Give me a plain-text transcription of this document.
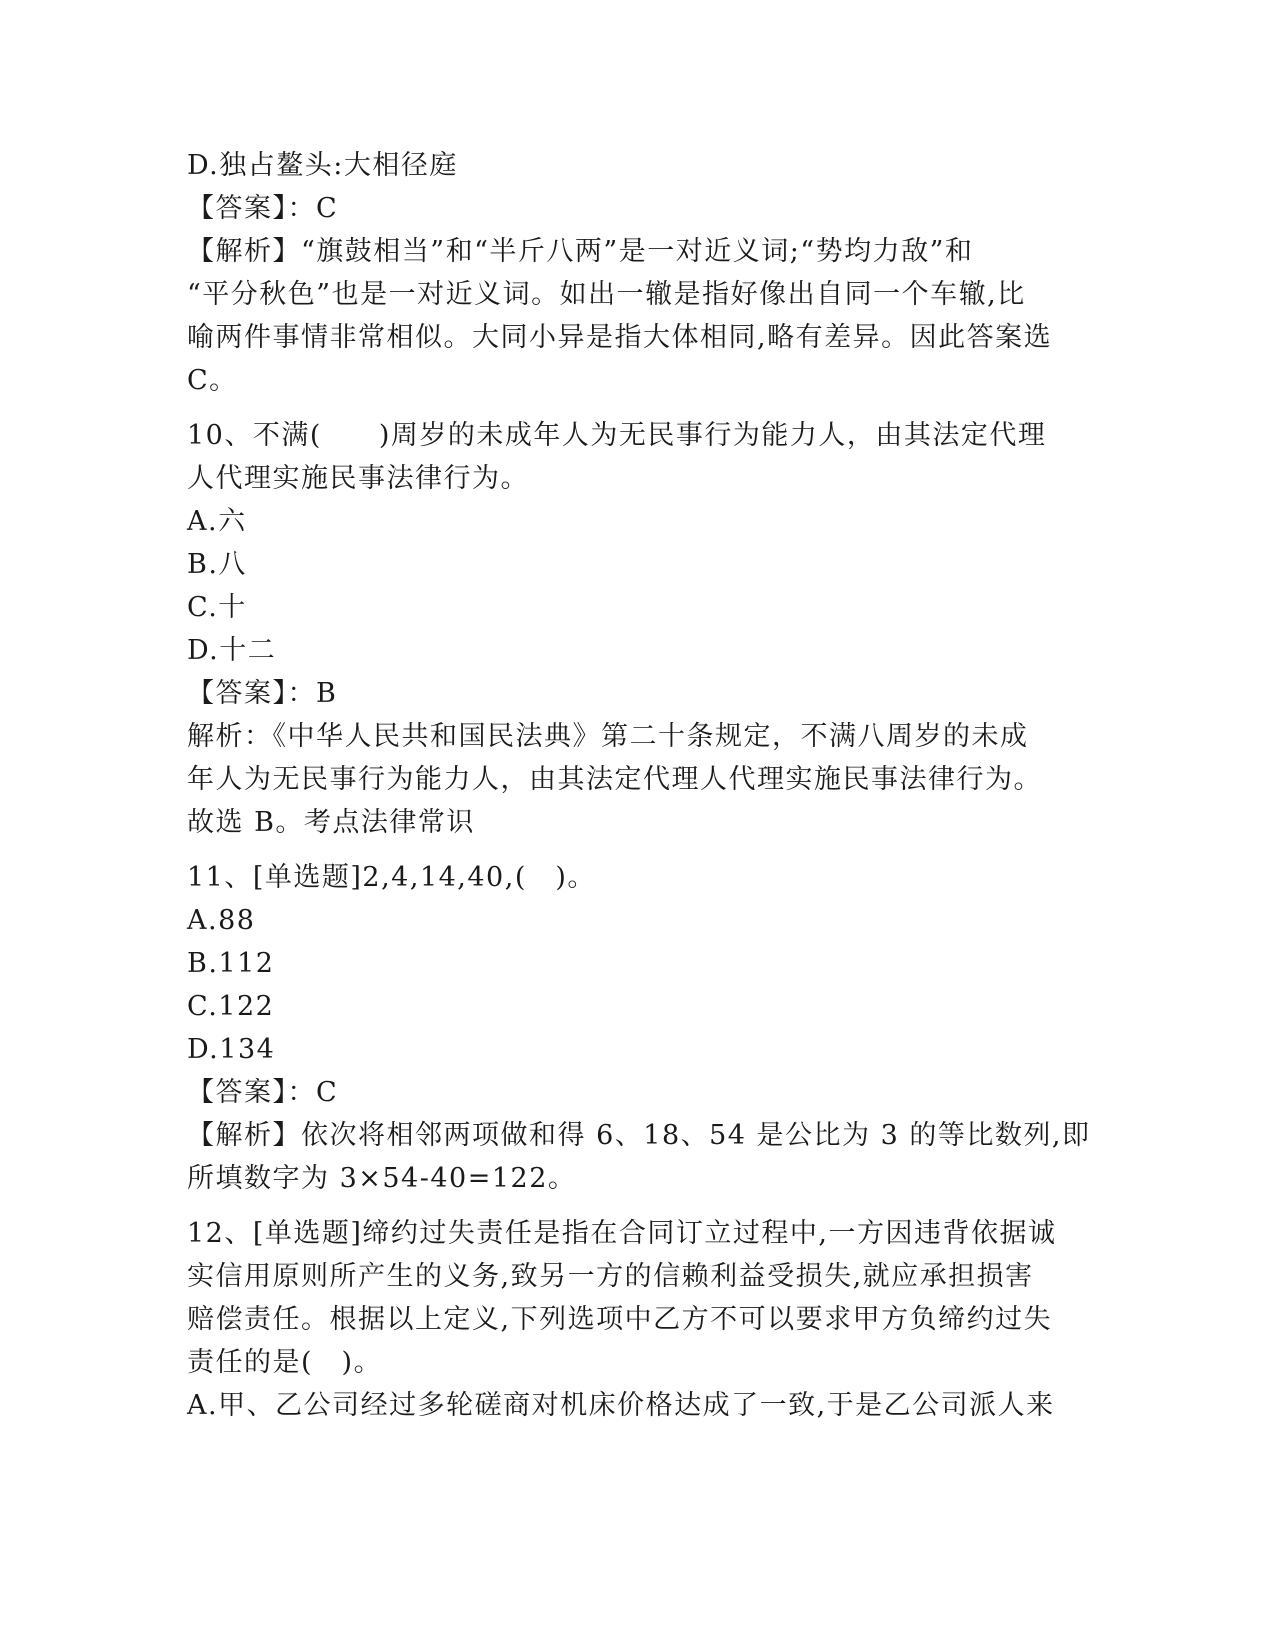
D.独占鳌头:大相径庭
【答案】：C
【解析】“旗鼓相当”和“半斤八两”是一对近义词;“势均力敌”和
“平分秋色”也是一对近义词。如出一辙是指好像出自同一个车辙,比
喻两件事情非常相似。大同小异是指大体相同,略有差异。因此答案选
C。
10、不满(　　)周岁的未成年人为无民事行为能力人，由其法定代理
人代理实施民事法律行为。
A.六
B.八
C.十
D.十二
【答案】：B
解析：《中华人民共和国民法典》第二十条规定，不满八周岁的未成
年人为无民事行为能力人，由其法定代理人代理实施民事法律行为。
故选 B。考点法律常识
11、[单选题]2,4,14,40,(　)。
A.88
B.112
C.122
D.134
【答案】：C
【解析】依次将相邻两项做和得 6、18、54 是公比为 3 的等比数列,即
所填数字为 3×54-40=122。
12、[单选题]缔约过失责任是指在合同订立过程中,一方因违背依据诚
实信用原则所产生的义务,致另一方的信赖利益受损失,就应承担损害
赔偿责任。根据以上定义,下列选项中乙方不可以要求甲方负缔约过失
责任的是(　)。
A.甲、乙公司经过多轮磋商对机床价格达成了一致,于是乙公司派人来
